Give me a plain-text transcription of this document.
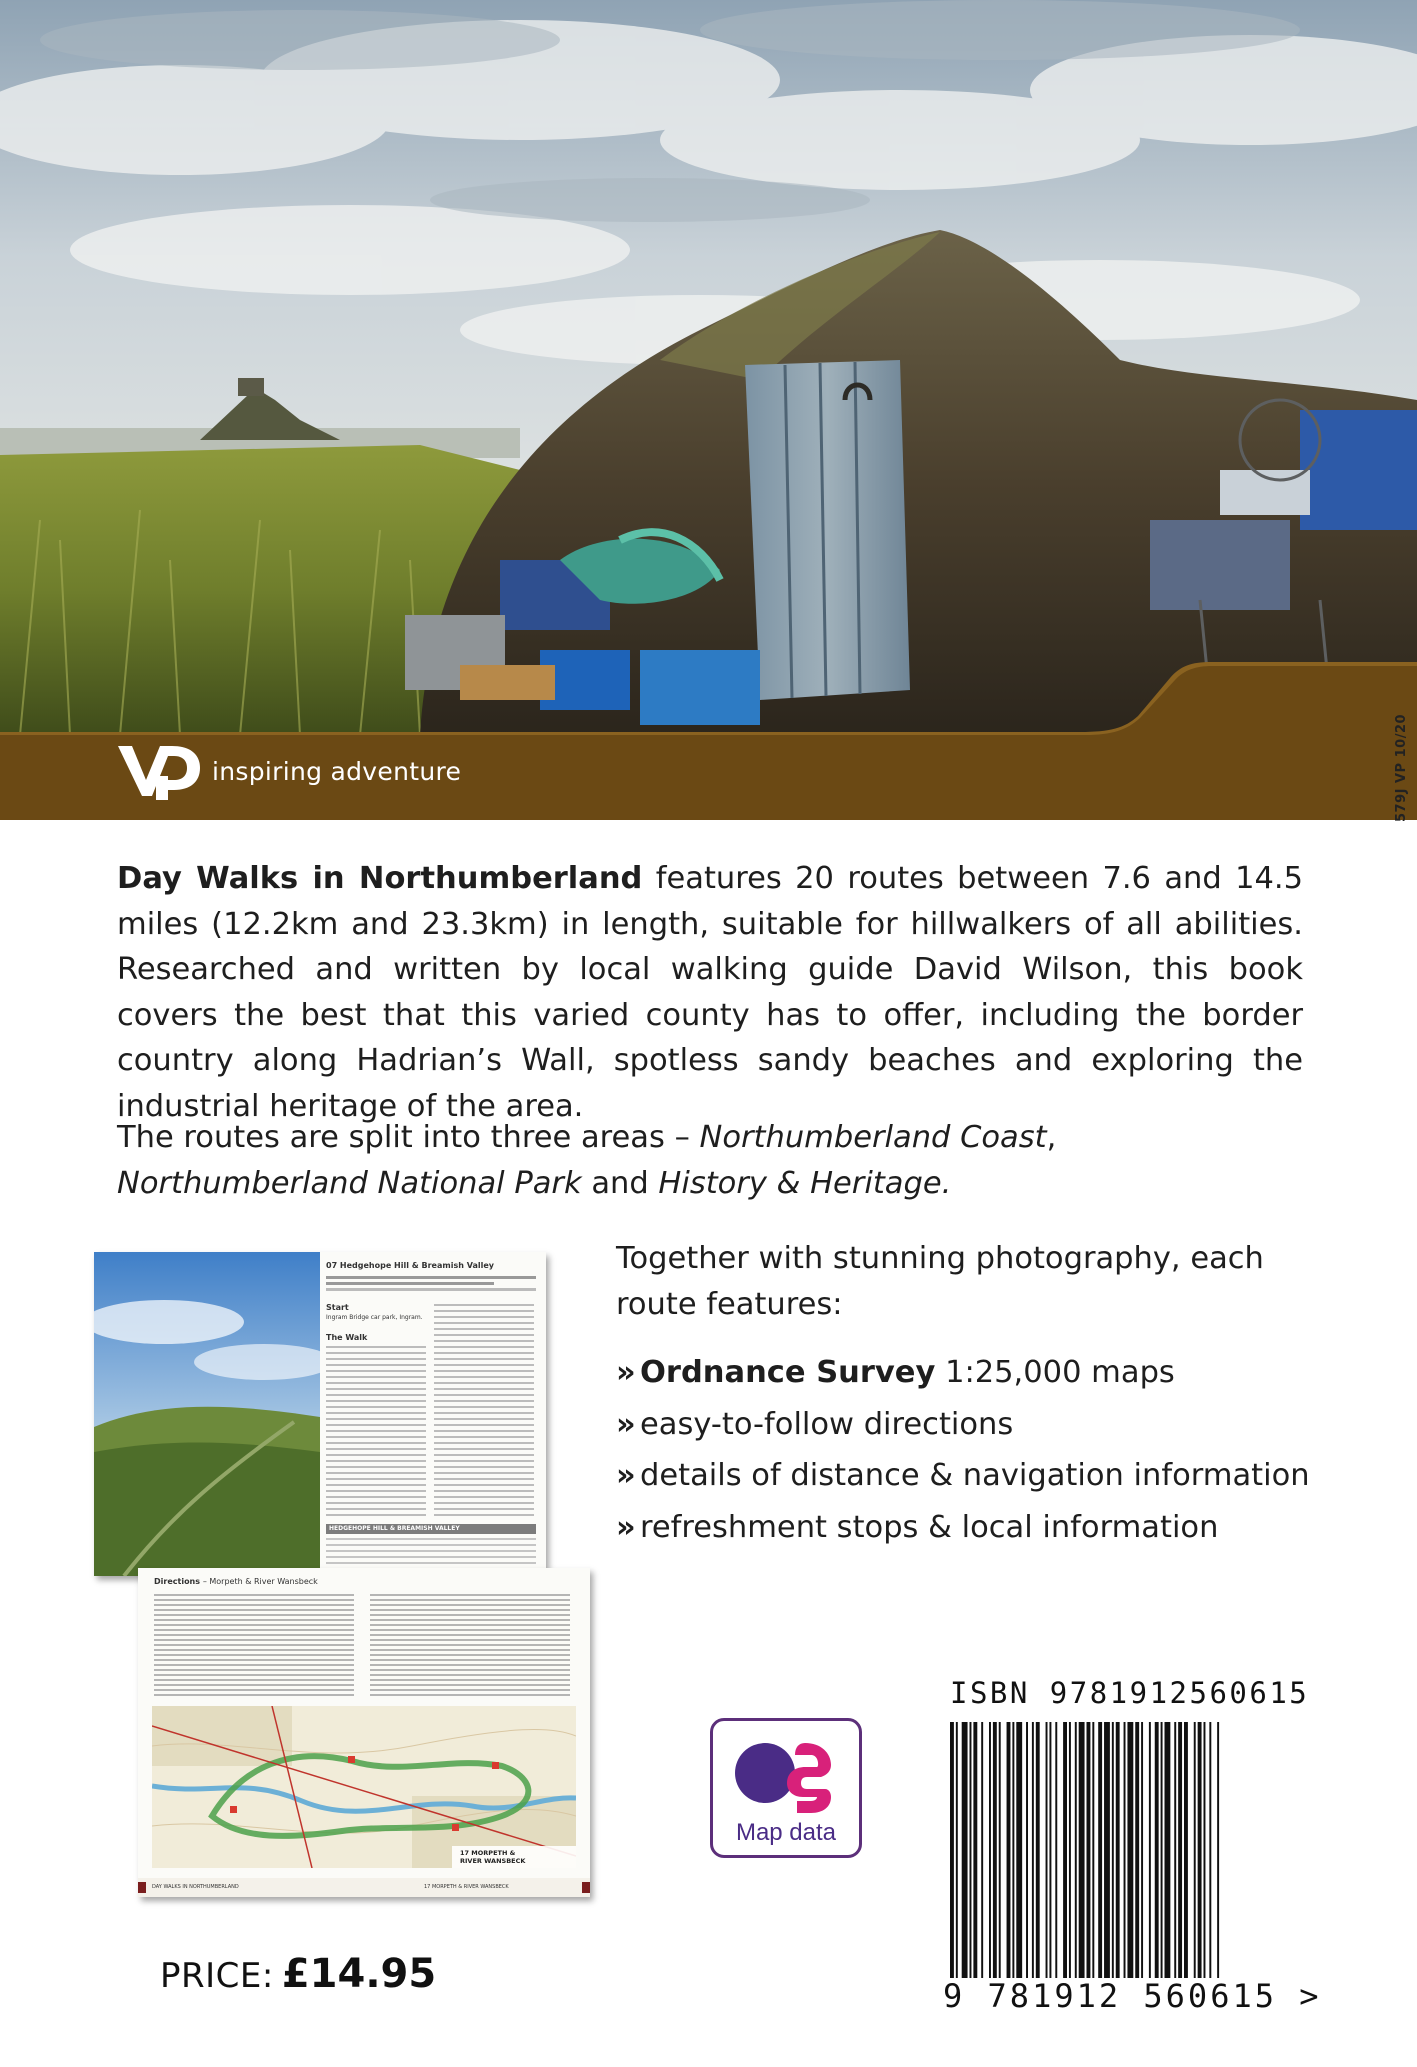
inspiring adventure	579J VP 10/20

Day Walks in Northumberland features 20 routes between 7.6 and 14.5 miles (12.2km and 23.3km) in length, suitable for hillwalkers of all abilities. Researched and written by local walking guide David Wilson, this book covers the best that this varied county has to offer, including the border country along Hadrian’s Wall, spotless sandy beaches and exploring the industrial heritage of the area.

The routes are split into three areas – Northumberland Coast, Northumberland National Park and History & Heritage.

07 Hedgehope Hill & Breamish Valley
Start
Ingram Bridge car park, Ingram.
The Walk
HEDGEHOPE HILL & BREAMISH VALLEY
Directions – Morpeth & River Wansbeck
17 MORPETH &
RIVER WANSBECK
DAY WALKS IN NORTHUMBERLAND	17 MORPETH & RIVER WANSBECK

Together with stunning photography, each route features:

» Ordnance Survey 1:25,000 maps
» easy-to-follow directions
» details of distance & navigation information
» refreshment stops & local information
Map data
ISBN 9781912560615
9 781912 560615 >
PRICE: £14.95
